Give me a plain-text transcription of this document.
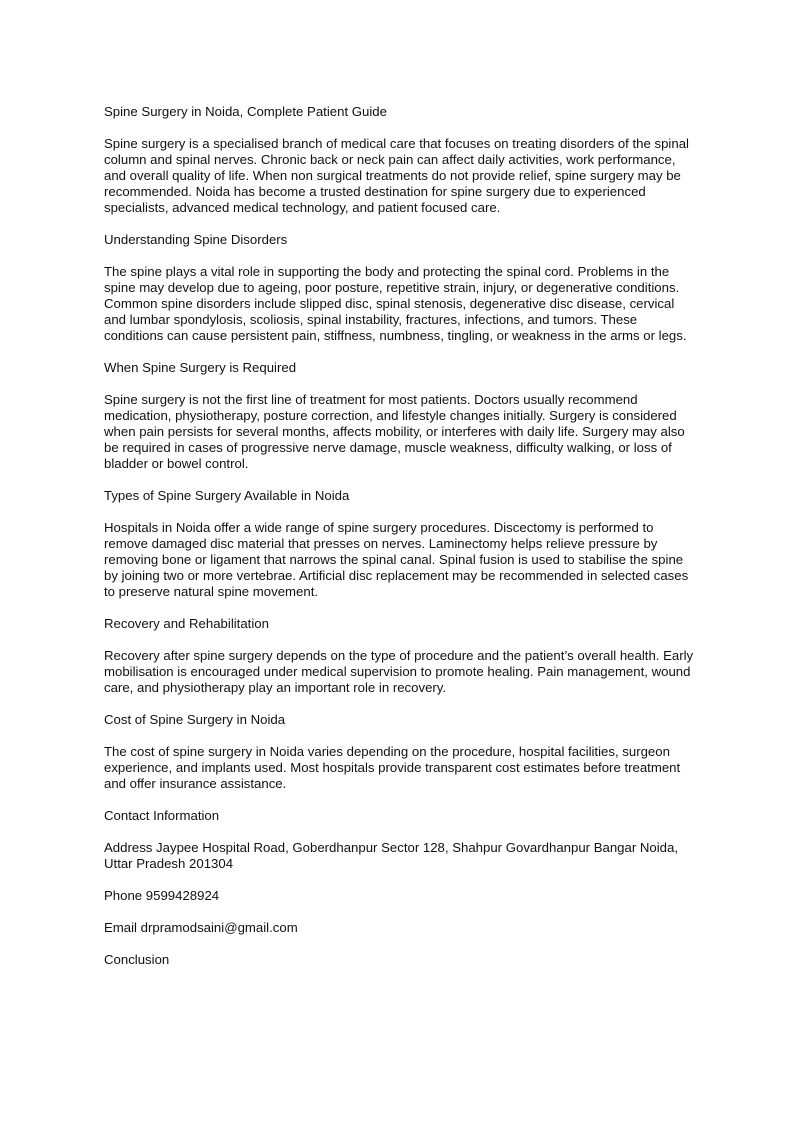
Spine Surgery in Noida, Complete Patient Guide

Spine surgery is a specialised branch of medical care that focuses on treating disorders of the spinal column and spinal nerves. Chronic back or neck pain can affect daily activities, work performance, and overall quality of life. When non surgical treatments do not provide relief, spine surgery may be recommended. Noida has become a trusted destination for spine surgery due to experienced specialists, advanced medical technology, and patient focused care.

Understanding Spine Disorders

The spine plays a vital role in supporting the body and protecting the spinal cord. Problems in the spine may develop due to ageing, poor posture, repetitive strain, injury, or degenerative conditions. Common spine disorders include slipped disc, spinal stenosis, degenerative disc disease, cervical and lumbar spondylosis, scoliosis, spinal instability, fractures, infections, and tumors. These conditions can cause persistent pain, stiffness, numbness, tingling, or weakness in the arms or legs.

When Spine Surgery is Required

Spine surgery is not the first line of treatment for most patients. Doctors usually recommend medication, physiotherapy, posture correction, and lifestyle changes initially. Surgery is considered when pain persists for several months, affects mobility, or interferes with daily life. Surgery may also be required in cases of progressive nerve damage, muscle weakness, difficulty walking, or loss of bladder or bowel control.

Types of Spine Surgery Available in Noida

Hospitals in Noida offer a wide range of spine surgery procedures. Discectomy is performed to remove damaged disc material that presses on nerves. Laminectomy helps relieve pressure by removing bone or ligament that narrows the spinal canal. Spinal fusion is used to stabilise the spine by joining two or more vertebrae. Artificial disc replacement may be recommended in selected cases to preserve natural spine movement.

Recovery and Rehabilitation

Recovery after spine surgery depends on the type of procedure and the patient’s overall health. Early mobilisation is encouraged under medical supervision to promote healing. Pain management, wound care, and physiotherapy play an important role in recovery.

Cost of Spine Surgery in Noida

The cost of spine surgery in Noida varies depending on the procedure, hospital facilities, surgeon experience, and implants used. Most hospitals provide transparent cost estimates before treatment and offer insurance assistance.

Contact Information

Address Jaypee Hospital Road, Goberdhanpur Sector 128, Shahpur Govardhanpur Bangar Noida,
Uttar Pradesh 201304

Phone 9599428924

Email drpramodsaini@gmail.com

Conclusion
